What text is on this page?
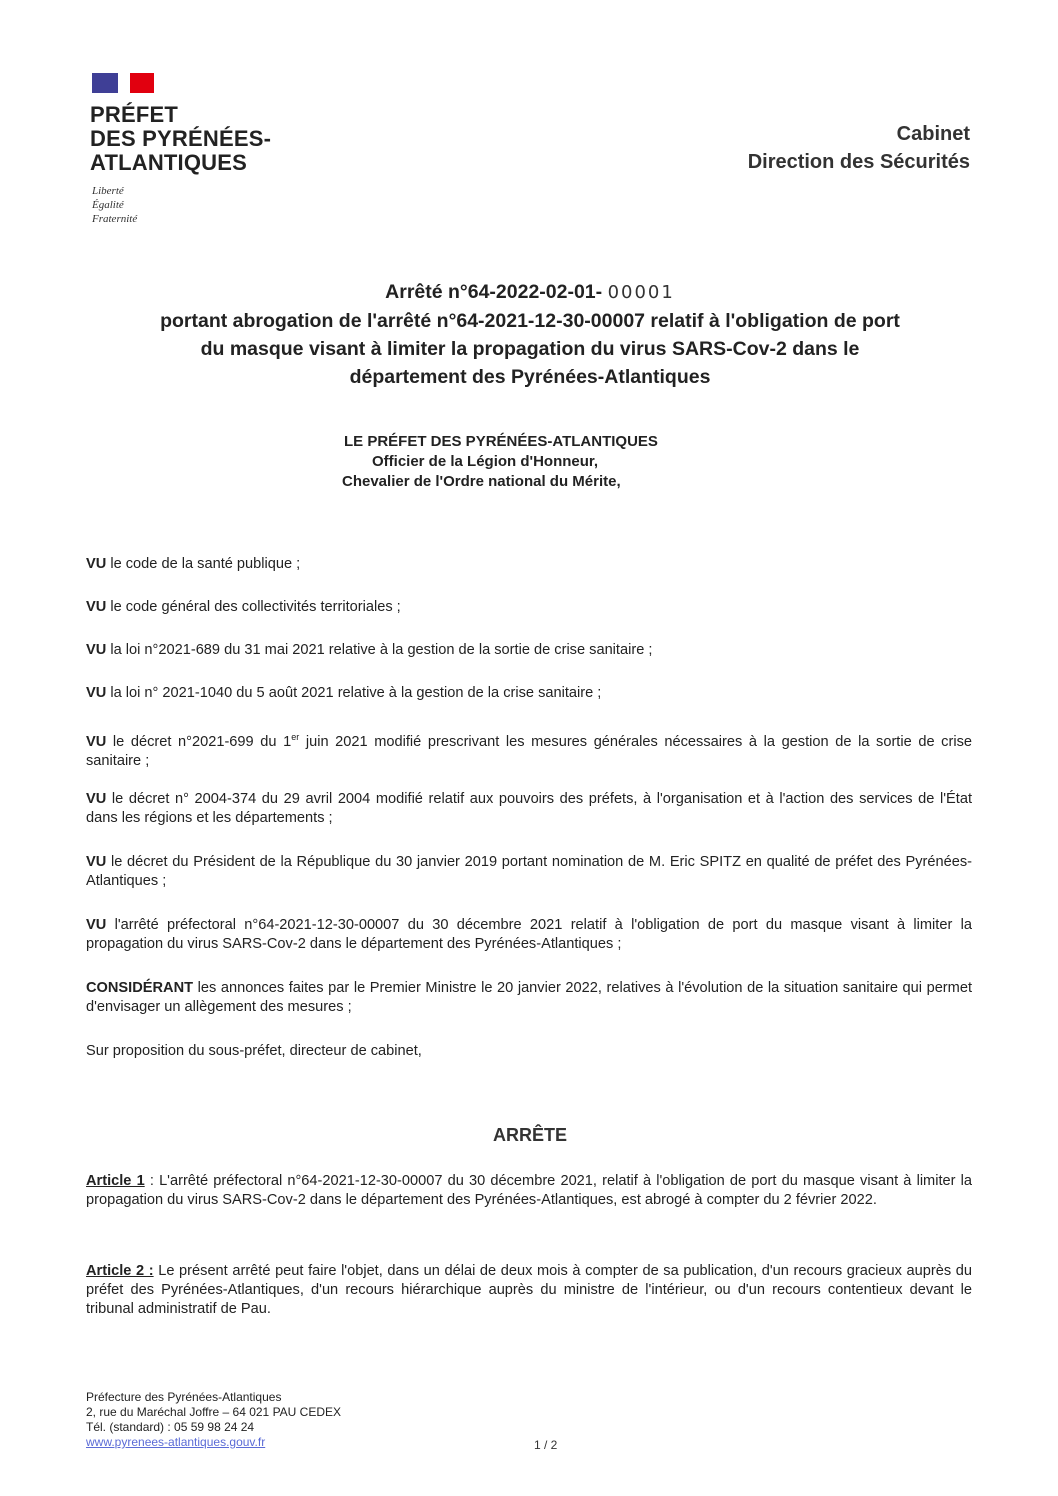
PRÉFET
DES PYRÉNÉES-
ATLANTIQUES
Liberté
Égalité
Fraternité
Cabinet
Direction des Sécurités
Arrêté n°64-2022-02-01- 00001
portant abrogation de l'arrêté n°64-2021-12-30-00007 relatif à l'obligation de port
du masque visant à limiter la propagation du virus SARS-Cov-2 dans le
département des Pyrénées-Atlantiques
LE PRÉFET DES PYRÉNÉES-ATLANTIQUES
Officier de la Légion d'Honneur,
Chevalier de l'Ordre national du Mérite,
VU le code de la santé publique ;
VU le code général des collectivités territoriales ;
VU la loi n°2021-689 du 31 mai 2021 relative à la gestion de la sortie de crise sanitaire ;
VU la loi n° 2021-1040 du 5 août 2021 relative à la gestion de la crise sanitaire ;
VU le décret n°2021-699 du 1er juin 2021 modifié prescrivant les mesures générales nécessaires à la gestion de la sortie de crise sanitaire ;
VU le décret n° 2004-374 du 29 avril 2004 modifié relatif aux pouvoirs des préfets, à l'organisation et à l'action des services de l'État dans les régions et les départements ;
VU le décret du Président de la République du 30 janvier 2019 portant nomination de M. Eric SPITZ en qualité de préfet des Pyrénées-Atlantiques ;
VU l'arrêté préfectoral n°64-2021-12-30-00007 du 30 décembre 2021 relatif à l'obligation de port du masque visant à limiter la propagation du virus SARS-Cov-2 dans le département des Pyrénées-Atlantiques ;
CONSIDÉRANT les annonces faites par le Premier Ministre le 20 janvier 2022, relatives à l'évolution de la situation sanitaire qui permet d'envisager un allègement des mesures ;
Sur proposition du sous-préfet, directeur de cabinet,
ARRÊTE
Article 1 : L'arrêté préfectoral n°64-2021-12-30-00007 du 30 décembre 2021, relatif à l'obligation de port du masque visant à limiter la propagation du virus SARS-Cov-2 dans le département des Pyrénées-Atlantiques, est abrogé à compter du 2 février 2022.
Article 2 : Le présent arrêté peut faire l'objet, dans un délai de deux mois à compter de sa publication, d'un recours gracieux auprès du préfet des Pyrénées-Atlantiques, d'un recours hiérarchique auprès du ministre de l'intérieur, ou d'un recours contentieux devant le tribunal administratif de Pau.
Préfecture des Pyrénées-Atlantiques
2, rue du Maréchal Joffre – 64 021 PAU CEDEX
Tél. (standard) : 05 59 98 24 24
www.pyrenees-atlantiques.gouv.fr	1 / 2
